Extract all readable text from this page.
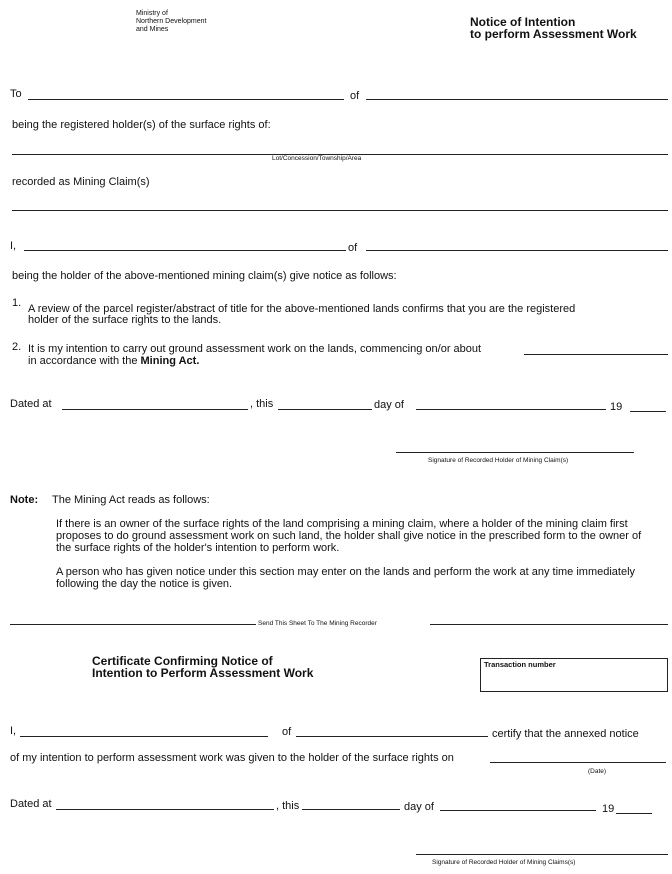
Ministry of
Northern Development
and Mines
Notice of Intention
to perform Assessment Work
To	of
being the registered holder(s) of the surface rights of:
Lot/Concession/Township/Area
recorded as Mining Claim(s)
I,	of
being the holder of the above-mentioned mining claim(s) give notice as follows:
1. A review of the parcel register/abstract of title for the above-mentioned lands confirms that you are the registered
holder of the surface rights to the lands.
2. It is my intention to carry out ground assessment work on the lands, commencing on/or about
in accordance with the Mining Act.
Dated at	, this	day of	19
Signature of Recorded Holder of Mining Claim(s)
Note: The Mining Act reads as follows:
If there is an owner of the surface rights of the land comprising a mining claim, where a holder of the mining claim first proposes to do ground assessment work on such land, the holder shall give notice in the prescribed form to the owner of the surface rights of the holder's intention to perform work.
A person who has given notice under this section may enter on the lands and perform the work at any time immediately following the day the notice is given.
Send This Sheet To The Mining Recorder
Certificate Confirming Notice of
Intention to Perform Assessment Work
Transaction number
I,	of	certify that the annexed notice
of my intention to perform assessment work was given to the holder of the surface rights on
(Date)
Dated at	, this	day of	19
Signature of Recorded Holder of Mining Claims(s)
